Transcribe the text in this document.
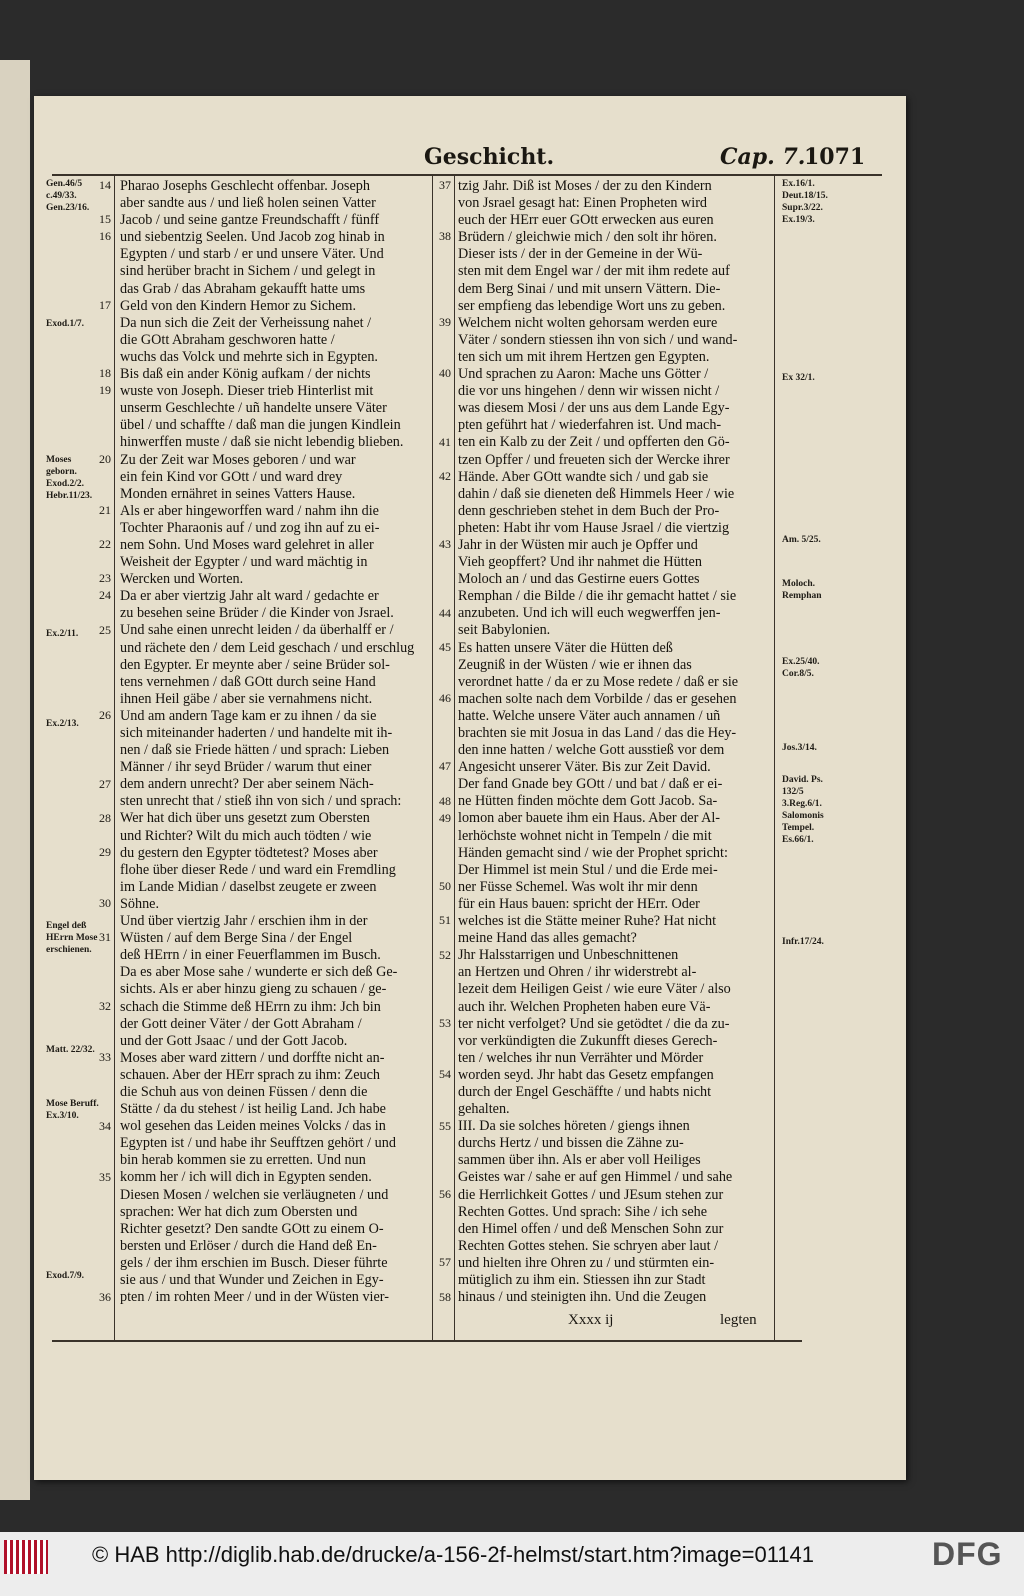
Geschicht.	Cap. 7.
1071
Gen.46/5 c.49/33. Gen.23/16.
Exod.1/7.
Moses geborn. Exod.2/2. Hebr.11/23.
Ex.2/11.
Ex.2/13.
Engel deß HErrn Mose erschienen.
Matt. 22/32.
Mose Beruff. Ex.3/10.
Exod.7/9.
14
15
16
17
18
19
20
21
22
23
24
25
26
27
28
29
30
31
32
33
34
35
36
Pharao Josephs Geschlecht offenbar. Joseph
aber sandte aus / und ließ holen seinen Vatter
Jacob / und seine gantze Freundschafft / fünff
und siebentzig Seelen. Und Jacob zog hinab in
Egypten / und starb / er und unsere Väter. Und
sind herüber bracht in Sichem / und gelegt in
das Grab / das Abraham gekaufft hatte ums
Geld von den Kindern Hemor zu Sichem.
Da nun sich die Zeit der Verheissung nahet /
die GOtt Abraham geschworen hatte /
wuchs das Volck und mehrte sich in Egypten.
Bis daß ein ander König aufkam / der nichts
wuste von Joseph. Dieser trieb Hinterlist mit
unserm Geschlechte / uñ handelte unsere Väter
übel / und schaffte / daß man die jungen Kindlein
hinwerffen muste / daß sie nicht lebendig blieben.
Zu der Zeit war Moses geboren / und war
ein fein Kind vor GOtt / und ward drey
Monden ernähret in seines Vatters Hause.
Als er aber hingeworffen ward / nahm ihn die
Tochter Pharaonis auf / und zog ihn auf zu ei-
nem Sohn. Und Moses ward gelehret in aller
Weisheit der Egypter / und ward mächtig in
Wercken und Worten.
Da er aber viertzig Jahr alt ward / gedachte er
zu besehen seine Brüder / die Kinder von Jsrael.
Und sahe einen unrecht leiden / da überhalff er /
und rächete den / dem Leid geschach / und erschlug
den Egypter. Er meynte aber / seine Brüder sol-
tens vernehmen / daß GOtt durch seine Hand
ihnen Heil gäbe / aber sie vernahmens nicht.
Und am andern Tage kam er zu ihnen / da sie
sich miteinander haderten / und handelte mit ih-
nen / daß sie Friede hätten / und sprach: Lieben
Männer / ihr seyd Brüder / warum thut einer
dem andern unrecht? Der aber seinem Näch-
sten unrecht that / stieß ihn von sich / und sprach:
Wer hat dich über uns gesetzt zum Obersten
und Richter? Wilt du mich auch tödten / wie
du gestern den Egypter tödtetest? Moses aber
flohe über dieser Rede / und ward ein Fremdling
im Lande Midian / daselbst zeugete er zween
Söhne.
Und über viertzig Jahr / erschien ihm in der
Wüsten / auf dem Berge Sina / der Engel
deß HErrn / in einer Feuerflammen im Busch.
Da es aber Mose sahe / wunderte er sich deß Ge-
sichts. Als er aber hinzu gieng zu schauen / ge-
schach die Stimme deß HErrn zu ihm: Jch bin
der Gott deiner Väter / der Gott Abraham /
und der Gott Jsaac / und der Gott Jacob.
Moses aber ward zittern / und dorffte nicht an-
schauen. Aber der HErr sprach zu ihm: Zeuch
die Schuh aus von deinen Füssen / denn die
Stätte / da du stehest / ist heilig Land. Jch habe
wol gesehen das Leiden meines Volcks / das in
Egypten ist / und habe ihr Seufftzen gehört / und
bin herab kommen sie zu erretten. Und nun
komm her / ich will dich in Egypten senden.
Diesen Mosen / welchen sie verläugneten / und
sprachen: Wer hat dich zum Obersten und
Richter gesetzt? Den sandte GOtt zu einem O-
bersten und Erlöser / durch die Hand deß En-
gels / der ihm erschien im Busch. Dieser führte
sie aus / und that Wunder und Zeichen in Egy-
pten / im rohten Meer / und in der Wüsten vier-
37
38
39
40
41
42
43
44
45
46
47
48
49
50
51
52
53
54
55
56
57
58
tzig Jahr. Diß ist Moses / der zu den Kindern
von Jsrael gesagt hat: Einen Propheten wird
euch der HErr euer GOtt erwecken aus euren
Brüdern / gleichwie mich / den solt ihr hören.
Dieser ists / der in der Gemeine in der Wü-
sten mit dem Engel war / der mit ihm redete auf
dem Berg Sinai / und mit unsern Vättern. Die-
ser empfieng das lebendige Wort uns zu geben.
Welchem nicht wolten gehorsam werden eure
Väter / sondern stiessen ihn von sich / und wand-
ten sich um mit ihrem Hertzen gen Egypten.
Und sprachen zu Aaron: Mache uns Götter /
die vor uns hingehen / denn wir wissen nicht /
was diesem Mosi / der uns aus dem Lande Egy-
pten geführt hat / wiederfahren ist. Und mach-
ten ein Kalb zu der Zeit / und opfferten den Gö-
tzen Opffer / und freueten sich der Wercke ihrer
Hände. Aber GOtt wandte sich / und gab sie
dahin / daß sie dieneten deß Himmels Heer / wie
denn geschrieben stehet in dem Buch der Pro-
pheten: Habt ihr vom Hause Jsrael / die viertzig
Jahr in der Wüsten mir auch je Opffer und
Vieh geopffert? Und ihr nahmet die Hütten
Moloch an / und das Gestirne euers Gottes
Remphan / die Bilde / die ihr gemacht hattet / sie
anzubeten. Und ich will euch wegwerffen jen-
seit Babylonien.
Es hatten unsere Väter die Hütten deß
Zeugniß in der Wüsten / wie er ihnen das
verordnet hatte / da er zu Mose redete / daß er sie
machen solte nach dem Vorbilde / das er gesehen
hatte. Welche unsere Väter auch annamen / uñ
brachten sie mit Josua in das Land / das die Hey-
den inne hatten / welche Gott ausstieß vor dem
Angesicht unserer Väter. Bis zur Zeit David.
Der fand Gnade bey GOtt / und bat / daß er ei-
ne Hütten finden möchte dem Gott Jacob. Sa-
lomon aber bauete ihm ein Haus. Aber der Al-
lerhöchste wohnet nicht in Tempeln / die mit
Händen gemacht sind / wie der Prophet spricht:
Der Himmel ist mein Stul / und die Erde mei-
ner Füsse Schemel. Was wolt ihr mir denn
für ein Haus bauen: spricht der HErr. Oder
welches ist die Stätte meiner Ruhe? Hat nicht
meine Hand das alles gemacht?
Jhr Halsstarrigen und Unbeschnittenen
an Hertzen und Ohren / ihr widerstrebt al-
lezeit dem Heiligen Geist / wie eure Väter / also
auch ihr. Welchen Propheten haben eure Vä-
ter nicht verfolget? Und sie getödtet / die da zu-
vor verkündigten die Zukunfft dieses Gerech-
ten / welches ihr nun Verrähter und Mörder
worden seyd. Jhr habt das Gesetz empfangen
durch der Engel Geschäffte / und habts nicht
gehalten.
III. Da sie solches höreten / giengs ihnen
durchs Hertz / und bissen die Zähne zu-
sammen über ihn. Als er aber voll Heiliges
Geistes war / sahe er auf gen Himmel / und sahe
die Herrlichkeit Gottes / und JEsum stehen zur
Rechten Gottes. Und sprach: Sihe / ich sehe
den Himel offen / und deß Menschen Sohn zur
Rechten Gottes stehen. Sie schryen aber laut /
und hielten ihre Ohren zu / und stürmten ein-
mütiglich zu ihm ein. Stiessen ihn zur Stadt
hinaus / und steinigten ihn. Und die Zeugen
Ex.16/1. Deut.18/15. Supr.3/22. Ex.19/3.
Ex 32/1.
Am. 5/25.
Moloch. Remphan
Ex.25/40. Cor.8/5.
Jos.3/14.
David. Ps. 132/5 3.Reg.6/1. Salomonis Tempel. Es.66/1.
Infr.17/24.
Xxxx ij	legten
© HAB http://diglib.hab.de/drucke/a-156-2f-helmst/start.htm?image=01141	DFG
